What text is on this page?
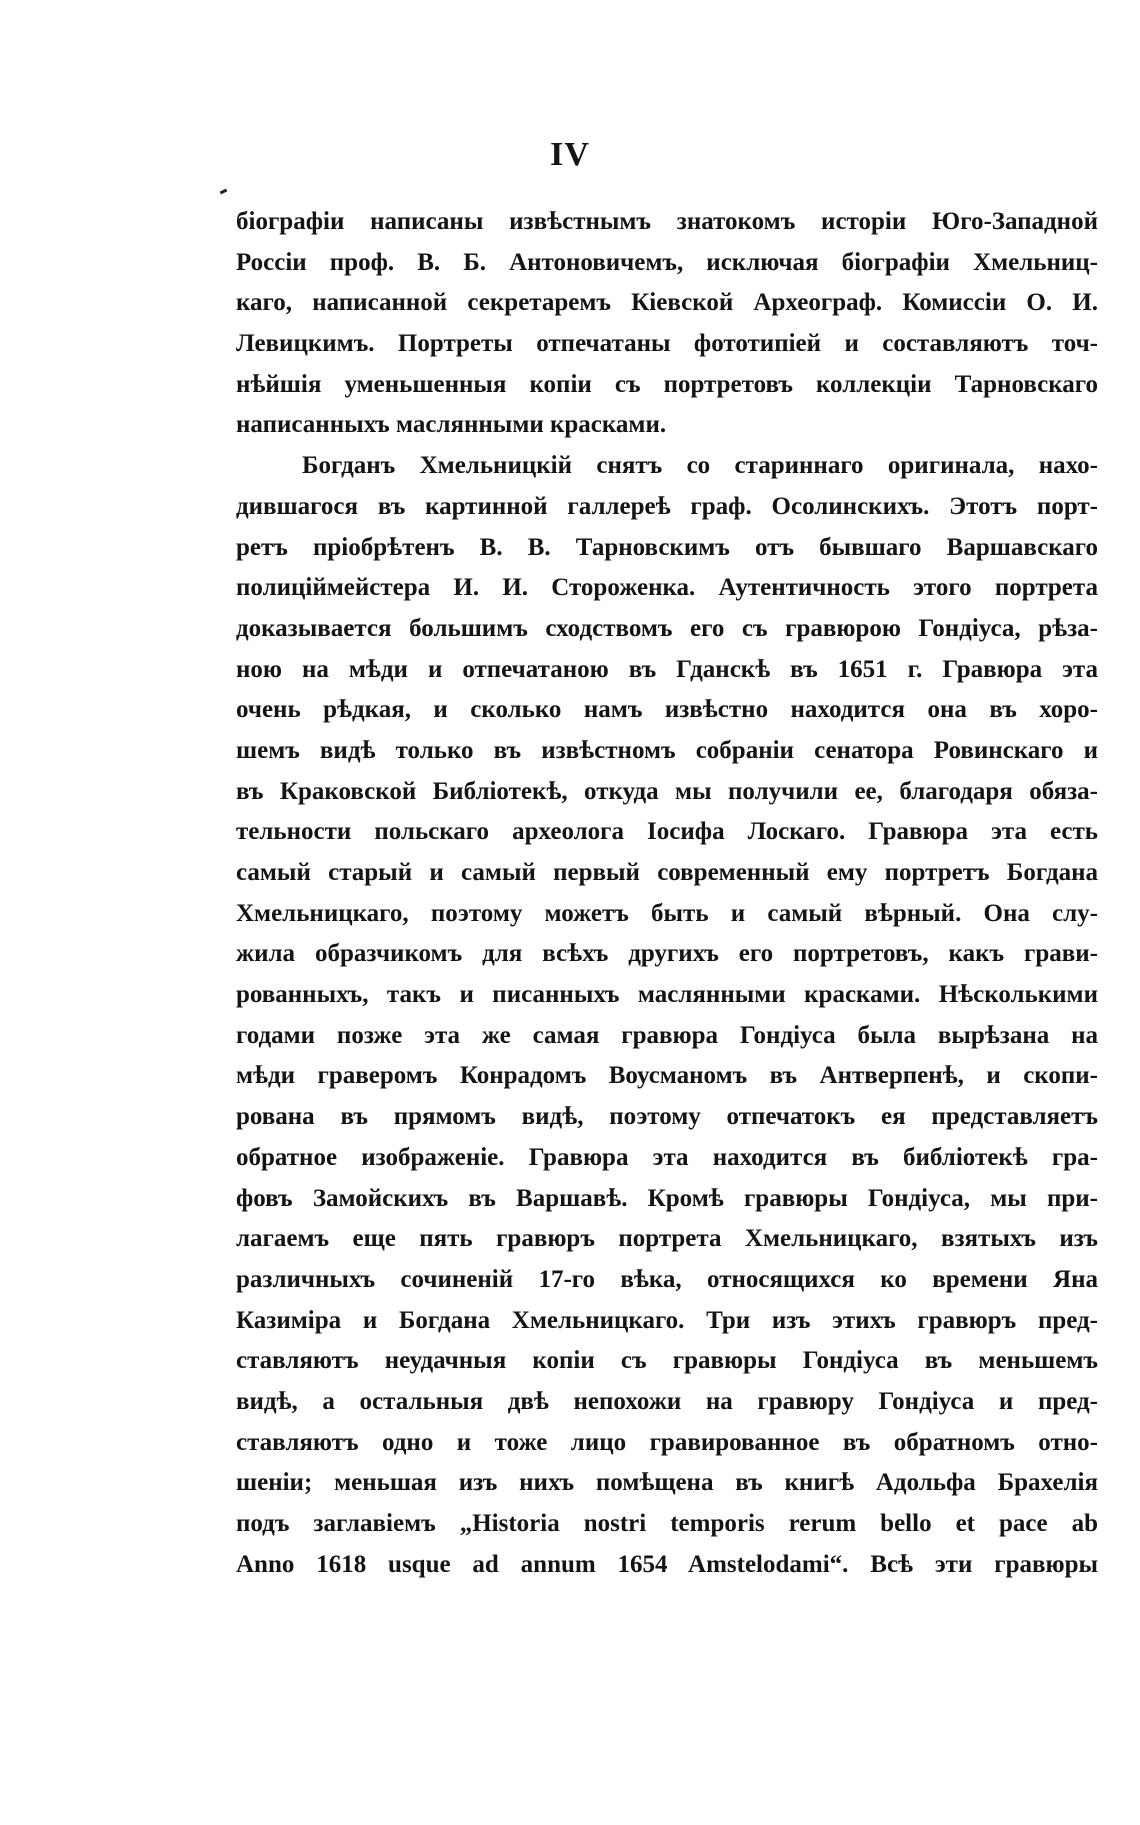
IV
біографіи написаны извѣстнымъ знатокомъ исторіи Юго-Западной
Россіи проф. В. Б. Антоновичемъ, исключая біографіи Хмельниц-
каго, написанной секретаремъ Кіевской Археограф. Комиссіи О. И.
Левицкимъ. Портреты отпечатаны фототипіей и составляютъ точ-
нѣйшія уменьшенныя копіи съ портретовъ коллекціи Тарновскаго
написанныхъ маслянными красками.
Богданъ Хмельницкій снятъ со стариннаго оригинала, нахо-
дившагося въ картинной галлереѣ граф. Осолинскихъ. Этотъ порт-
ретъ пріобрѣтенъ В. В. Тарновскимъ отъ бывшаго Варшавскаго
полиціймейстера И. И. Стороженка. Аутентичность этого портрета
доказывается большимъ сходствомъ его съ гравюрою Гондіуса, рѣза-
ною на мѣди и отпечатаною въ Гданскѣ въ 1651 г. Гравюра эта
очень рѣдкая, и сколько намъ извѣстно находится она въ хоро-
шемъ видѣ только въ извѣстномъ собраніи сенатора Ровинскаго и
въ Краковской Библіотекѣ, откуда мы получили ее, благодаря обяза-
тельности польскаго археолога Іосифа Лоскаго. Гравюра эта есть
самый старый и самый первый современный ему портретъ Богдана
Хмельницкаго, поэтому можетъ быть и самый вѣрный. Она слу-
жила образчикомъ для всѣхъ другихъ его портретовъ, какъ грави-
рованныхъ, такъ и писанныхъ маслянными красками. Нѣсколькими
годами позже эта же самая гравюра Гондіуса была вырѣзана на
мѣди граверомъ Конрадомъ Воусманомъ въ Антверпенѣ, и скопи-
рована въ прямомъ видѣ, поэтому отпечатокъ ея представляетъ
обратное изображеніе. Гравюра эта находится въ библіотекѣ гра-
фовъ Замойскихъ въ Варшавѣ. Кромѣ гравюры Гондіуса, мы при-
лагаемъ еще пять гравюръ портрета Хмельницкаго, взятыхъ изъ
различныхъ сочиненій 17-го вѣка, относящихся ко времени Яна
Казиміра и Богдана Хмельницкаго. Три изъ этихъ гравюръ пред-
ставляютъ неудачныя копіи съ гравюры Гондіуса въ меньшемъ
видѣ, а остальныя двѣ непохожи на гравюру Гондіуса и пред-
ставляютъ одно и тоже лицо гравированное въ обратномъ отно-
шеніи; меньшая изъ нихъ помѣщена въ книгѣ Адольфа Брахелія
подъ заглавіемъ „Historia nostri temporis rerum bello et pace ab
Anno 1618 usque ad annum 1654 Amstelodami“. Всѣ эти гравюры
